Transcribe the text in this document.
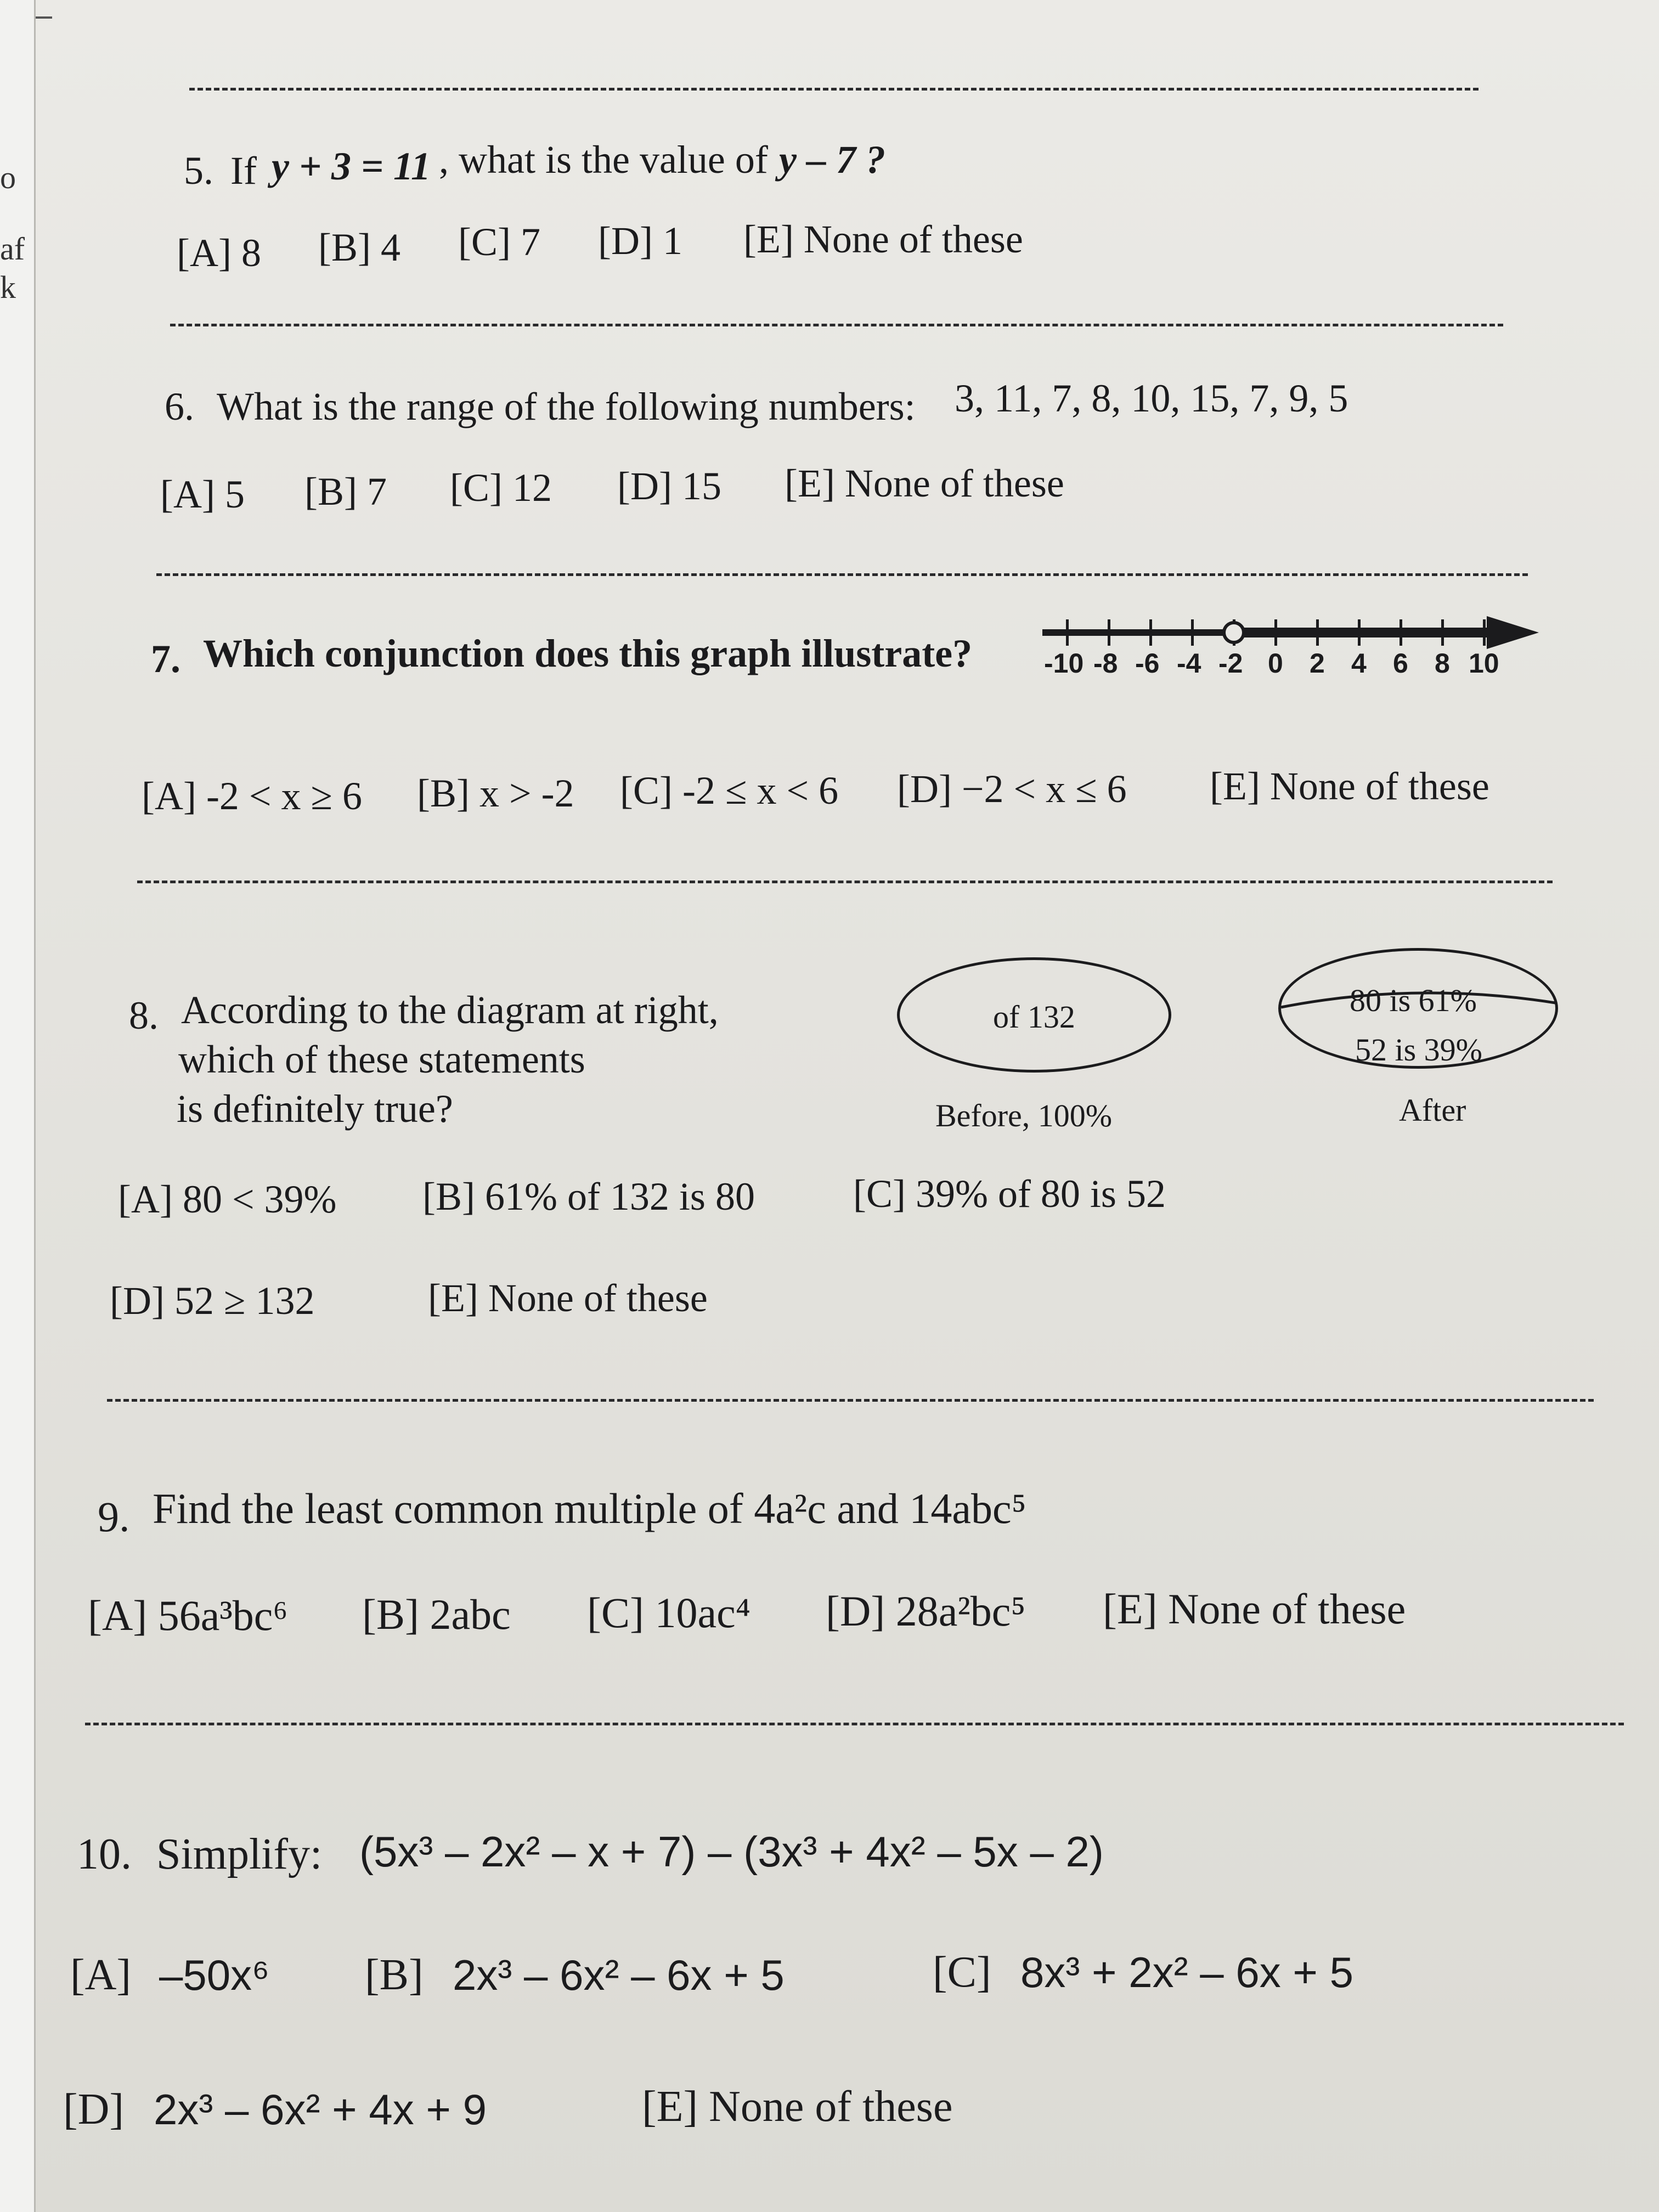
o
af
k
5. If y + 3 = 11 , what is the value of y – 7 ?
[A] 8 [B] 4 [C] 7 [D] 1 [E] None of these
6. What is the range of the following numbers: 3, 11, 7, 8, 10, 15, 7, 9, 5
[A] 5 [B] 7 [C] 12 [D] 15 [E] None of these
7. Which conjunction does this graph illustrate?	-10 -8 -6 -4 -2 0 2 4 6 8 10
[A] -2 < x ≥ 6 [B] x > -2 [C] -2 ≤ x < 6 [D] −2 < x ≤ 6 [E] None of these
8. According to the diagram at right,
which of these statements
is definitely true?
of 132
Before, 100%
80 is 61%
52 is 39%
After
[A] 80 < 39% [B] 61% of 132 is 80 [C] 39% of 80 is 52
[D] 52 ≥ 132	[E] None of these
9. Find the least common multiple of 4a²c and 14abc⁵
[A] 56a³bc⁶ [B] 2abc [C] 10ac⁴ [D] 28a²bc⁵ [E] None of these
10. Simplify: (5x³ – 2x² – x + 7) – (3x³ + 4x² – 5x – 2)
[A] –50x⁶ [B] 2x³ – 6x² – 6x + 5	[C] 8x³ + 2x² – 6x + 5
[D] 2x³ – 6x² + 4x + 9	[E] None of these
